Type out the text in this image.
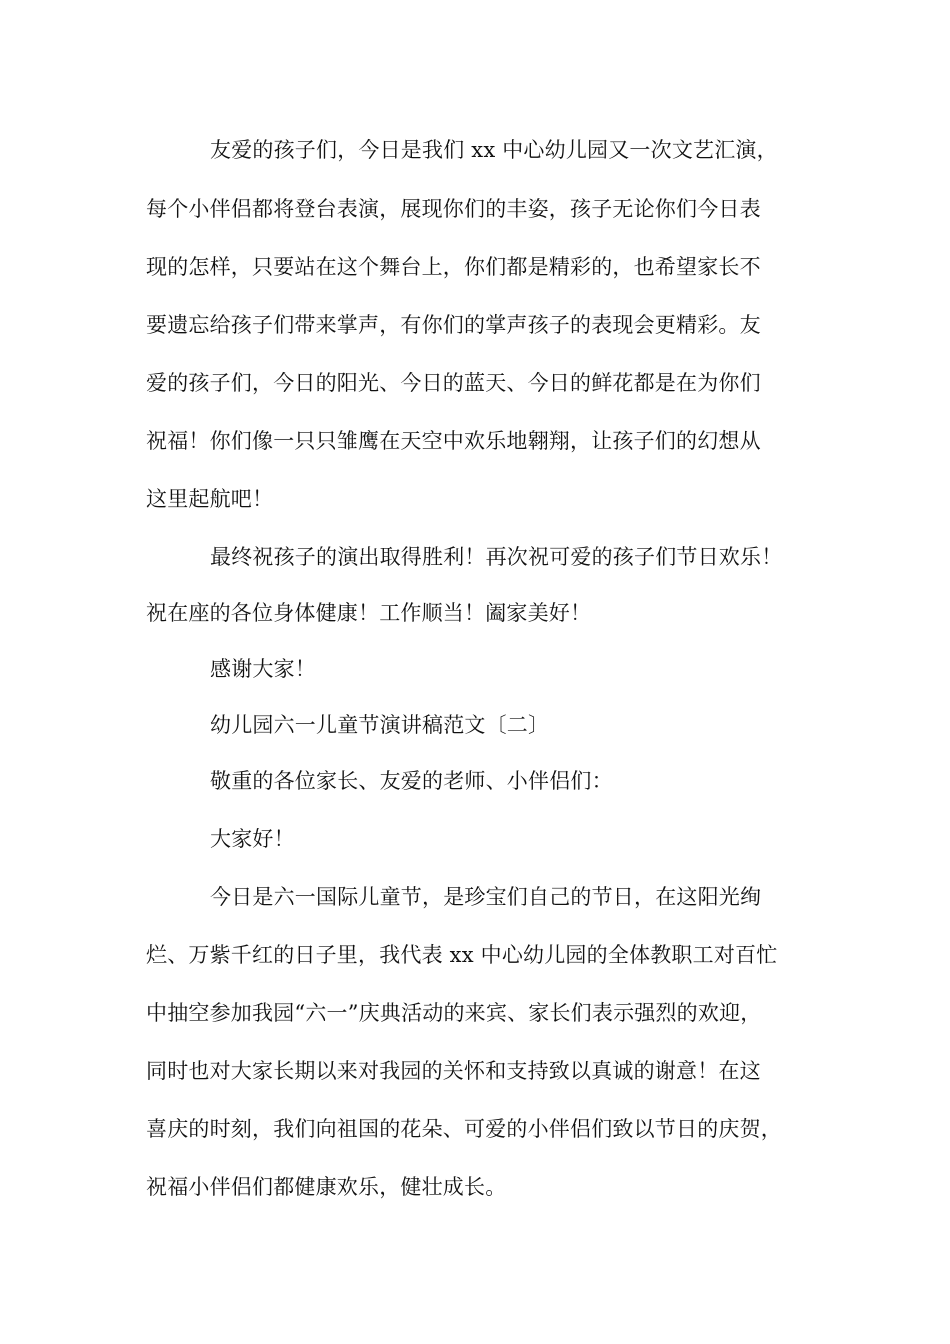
友爱的孩子们，今日是我们 xx 中心幼儿园又一次文艺汇演，
每个小伴侣都将登台表演，展现你们的丰姿，孩子无论你们今日表
现的怎样，只要站在这个舞台上，你们都是精彩的，也希望家长不
要遗忘给孩子们带来掌声，有你们的掌声孩子的表现会更精彩。友
爱的孩子们，今日的阳光、今日的蓝天、今日的鲜花都是在为你们
祝福！你们像一只只雏鹰在天空中欢乐地翱翔，让孩子们的幻想从
这里起航吧！
最终祝孩子的演出取得胜利！再次祝可爱的孩子们节日欢乐！
祝在座的各位身体健康！工作顺当！阖家美好！
感谢大家！
幼儿园六一儿童节演讲稿范文〔二〕
敬重的各位家长、友爱的老师、小伴侣们：
大家好！
今日是六一国际儿童节，是珍宝们自己的节日，在这阳光绚
烂、万紫千红的日子里，我代表 xx 中心幼儿园的全体教职工对百忙
中抽空参加我园“六一”庆典活动的来宾、家长们表示强烈的欢迎，
同时也对大家长期以来对我园的关怀和支持致以真诚的谢意！在这
喜庆的时刻，我们向祖国的花朵、可爱的小伴侣们致以节日的庆贺，
祝福小伴侣们都健康欢乐，健壮成长。
